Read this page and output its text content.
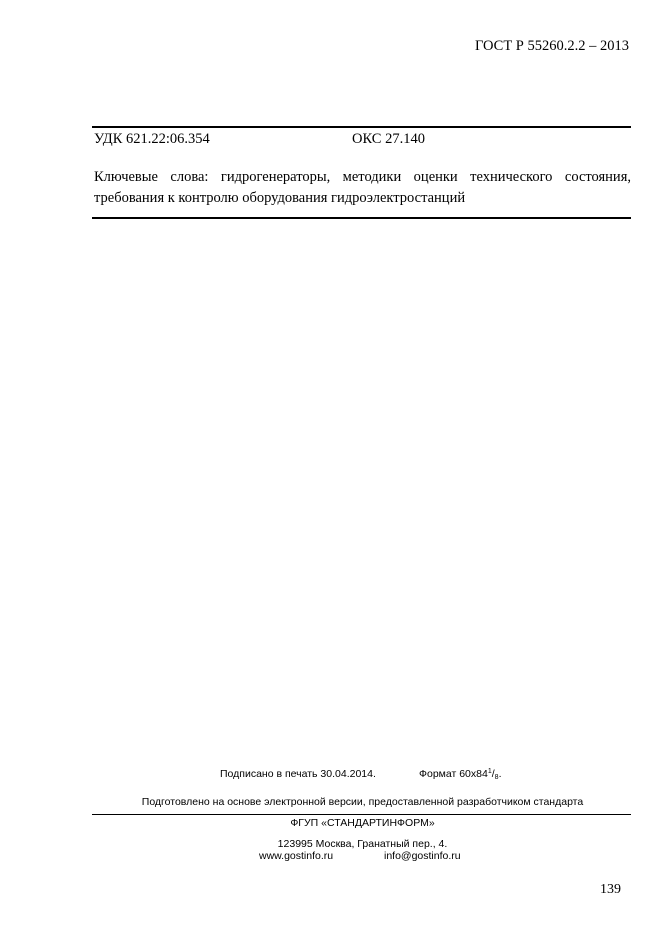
ГОСТ Р 55260.2.2 – 2013
УДК 621.22:06.354	ОКС 27.140
Ключевые слова: гидрогенераторы, методики оценки технического состояния, требования к контролю оборудования гидроэлектростанций
Подписано в печать 30.04.2014.	Формат $60x84^1/_8$.
Подготовлено на основе электронной версии, предоставленной разработчиком стандарта
ФГУП «СТАНДАРТИНФОРМ»
123995 Москва, Гранатный пер., 4.
www.gostinfo.ru	info@gostinfo.ru
139
